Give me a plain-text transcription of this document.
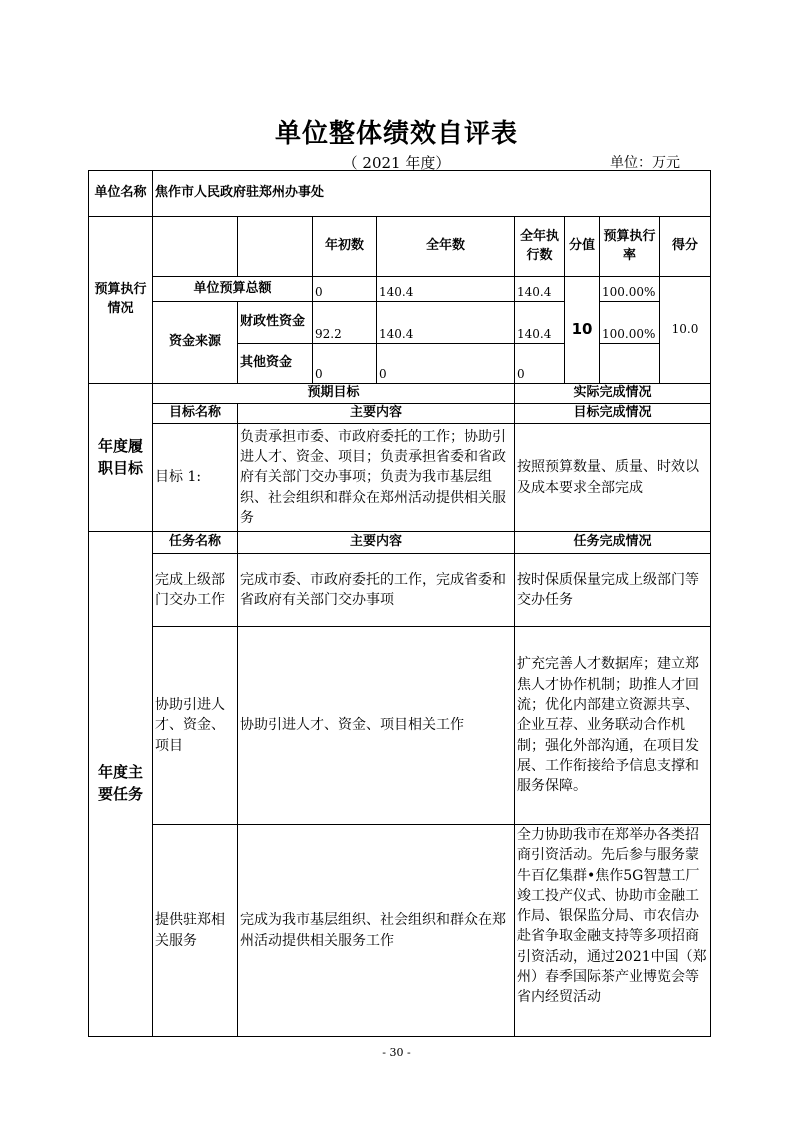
单位整体绩效自评表
（ 2021 年度）	单位：万元
单位名称	焦作市人民政府驻郑州办事处							
预算执行情况			年初数	全年数	全年执行数	分值	预算执行率	得分
	单位预算总额		0	140.4	140.4	10	100.00%	10.0
	资金来源	财政性资金	92.2	140.4	140.4		100.00%	
		其他资金	0	0	0			
年度履职目标	预期目标				实际完成情况			
	目标名称	主要内容			目标完成情况			
	目标 1:	负责承担市委、市政府委托的工作；协助引进人才、资金、项目；负责承担省委和省政府有关部门交办事项；负责为我市基层组织、社会组织和群众在郑州活动提供相关服务			按照预算数量、质量、时效以及成本要求全部完成			
年度主要任务	任务名称	主要内容			任务完成情况			
	完成上级部门交办工作	完成市委、市政府委托的工作，完成省委和省政府有关部门交办事项			按时保质保量完成上级部门等交办任务			
	协助引进人才、资金、项目	协助引进人才、资金、项目相关工作			扩充完善人才数据库；建立郑焦人才协作机制；助推人才回流；优化内部建立资源共享、企业互荐、业务联动合作机制；强化外部沟通，在项目发展、工作衔接给予信息支撑和服务保障。			
	提供驻郑相关服务	完成为我市基层组织、社会组织和群众在郑州活动提供相关服务工作			全力协助我市在郑举办各类招商引资活动。先后参与服务蒙牛百亿集群•焦作5G智慧工厂竣工投产仪式、协助市金融工作局、银保监分局、市农信办赴省争取金融支持等多项招商引资活动，通过2021中国（郑州）春季国际茶产业博览会等省内经贸活动			
- 30 -
